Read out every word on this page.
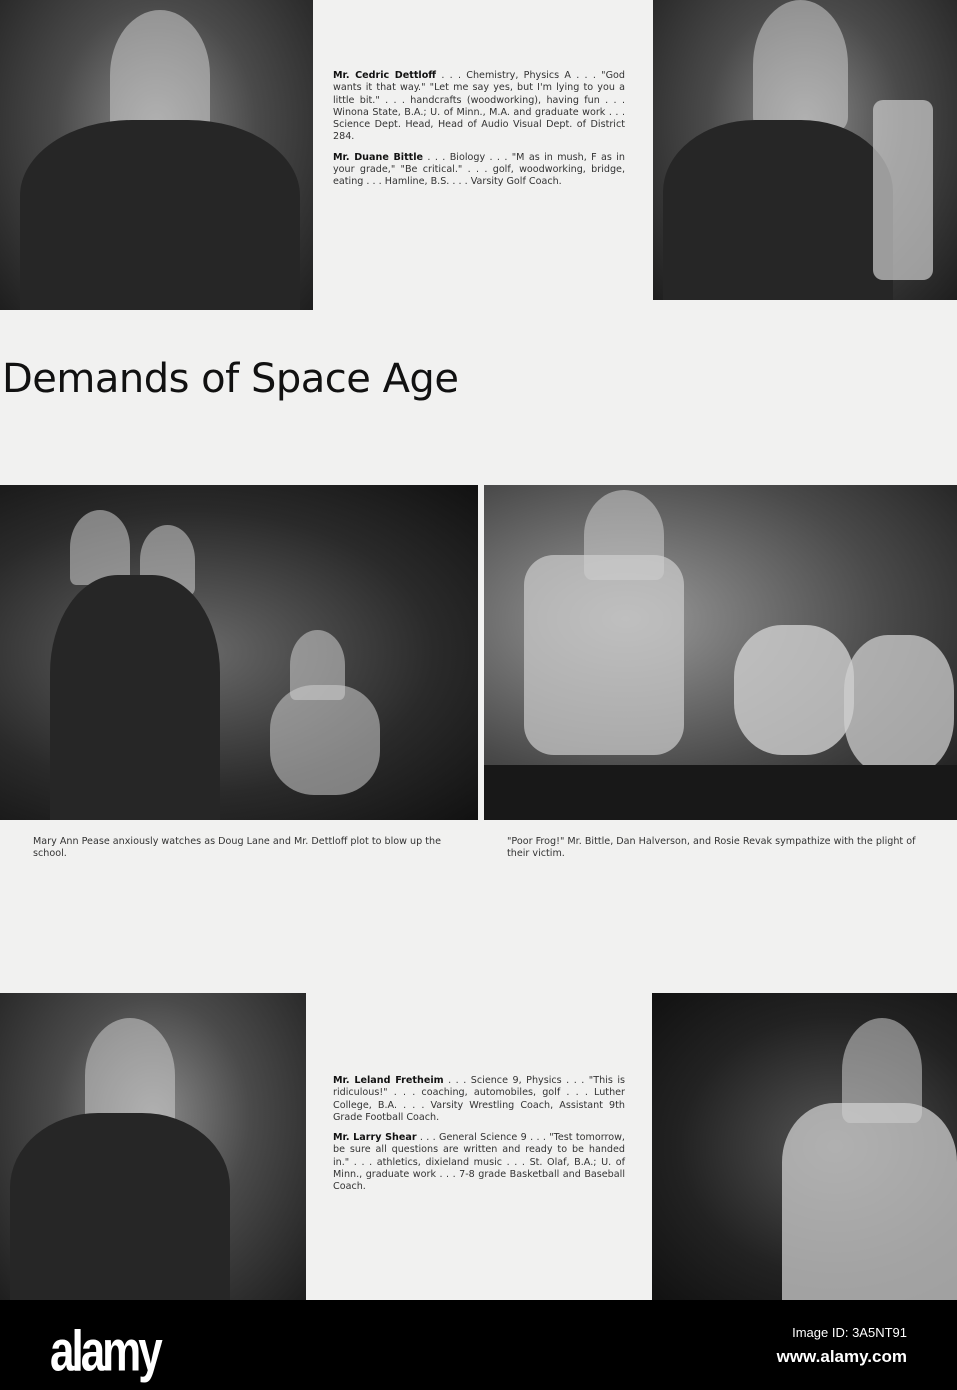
Mr. Cedric Dettloff . . . Chemistry, Physics A . . . "God wants it that way." "Let me say yes, but I'm lying to you a little bit." . . . handcrafts (woodworking), having fun . . . Winona State, B.A.; U. of Minn., M.A. and graduate work . . . Science Dept. Head, Head of Audio Visual Dept. of District 284.

Mr. Duane Bittle . . . Biology . . . "M as in mush, F as in your grade," "Be critical." . . . golf, woodworking, bridge, eating . . . Hamline, B.S. . . . Varsity Golf Coach.

Demands of Space Age
Mary Ann Pease anxiously watches as Doug Lane and Mr. Dettloff plot to blow up the school.
"Poor Frog!" Mr. Bittle, Dan Halverson, and Rosie Revak sympathize with the plight of their victim.

Mr. Leland Fretheim . . . Science 9, Physics . . . "This is ridiculous!" . . . coaching, automobiles, golf . . . Luther College, B.A. . . . Varsity Wrestling Coach, Assistant 9th Grade Football Coach.

Mr. Larry Shear . . . General Science 9 . . . "Test tomorrow, be sure all questions are written and ready to be handed in." . . . athletics, dixieland music . . . St. Olaf, B.A.; U. of Minn., graduate work . . . 7-8 grade Basketball and Baseball Coach.

alamy	Image ID: 3A5NT91
www.alamy.com
